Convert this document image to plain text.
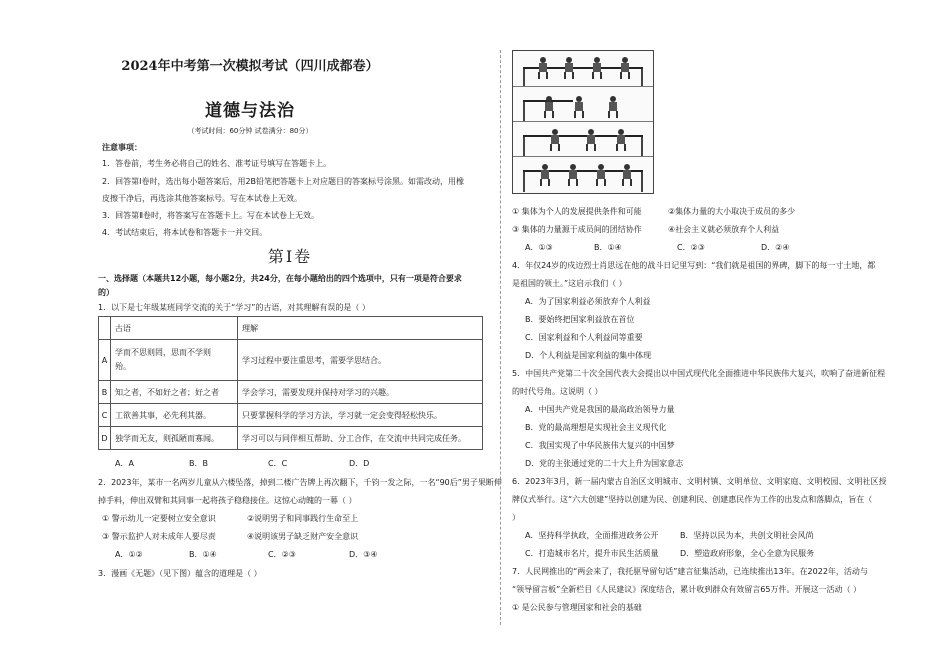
2024年中考第一次模拟考试（四川成都卷）
道德与法治
（考试时间：60分钟 试卷满分：80分）
注意事项：
1．答卷前，考生务必将自己的姓名、准考证号填写在答题卡上。
2．回答第Ⅰ卷时，选出每小题答案后，用2B铅笔把答题卡上对应题目的答案标号涂黑。如需改动，用橡
皮擦干净后，再选涂其他答案标号。写在本试卷上无效。
3．回答第Ⅱ卷时，将答案写在答题卡上。写在本试卷上无效。
4．考试结束后，将本试卷和答题卡一并交回。
第Ⅰ卷
一、选择题（本题共12小题，每小题2分，共24分，在每小题给出的四个选项中，只有一项是符合要求
的）
1．以下是七年级某班同学交流的关于“学习”的古语，对其理解有误的是（ ）
	古语	理解
A	学而不思则罔，思而不学则
殆。	学习过程中要注重思考，需要学思结合。
B	知之者，不如好之者；好之者	学会学习，需要发现并保持对学习的兴趣。
C	工欲善其事，必先利其器。	只要掌握科学的学习方法，学习就一定会变得轻松快乐。
D	独学而无友，则孤陋而寡闻。	学习可以与同伴相互帮助、分工合作，在交流中共同完成任务。
A．A	B．B	C．C	D．D
2．2023年，某市一名两岁儿童从六楼坠落，掉到二楼广告牌上再次翻下，千钧一发之际，一名“90后”男子果断伸
掉手料，伸出双臂和其同事一起将孩子稳稳接住。这惊心动魄的一幕（ ）
① 警示幼儿一定要树立安全意识	②说明男子和同事践行生命至上
③ 警示监护人对未成年人要尽责	④说明该男子缺乏财产安全意识
A．①②	B．①④	C．②③	D．③④
3．漫画《无题》（见下图）蕴含的道理是（ ）
① 集体为个人的发展提供条件和可能	②集体力量的大小取决于成员的多少
③ 集体的力量源于成员间的团结协作	④社会主义就必须放弃个人利益
A．①③	B．①④	C．②③	D．②④
4．年仅24岁的戍边烈士肖思远在他的战斗日记里写到：“我们就是祖国的界碑，脚下的每一寸土地，都
是祖国的领土。”这启示我们（ ）
A．为了国家利益必须放弃个人利益
B．要始终把国家利益放在首位
C．国家利益和个人利益同等重要
D．个人利益是国家利益的集中体现
5．中国共产党第二十次全国代表大会提出以中国式现代化全面推进中华民族伟大复兴，吹响了奋进新征程
的时代号角。这说明（ ）
A．中国共产党是我国的最高政治领导力量
B．党的最高理想是实现社会主义现代化
C．我国实现了中华民族伟大复兴的中国梦
D．党的主张通过党的二十大上升为国家意志
6．2023年3月，新一届内蒙古自治区文明城市、文明村镇、文明单位、文明家庭、文明校园、文明社区授
牌仪式举行。这“六大创建”坚持以创建为民、创建利民、创建惠民作为工作的出发点和落脚点，旨在（
）
A．坚持科学执政，全面推进政务公开	B．坚持以民为本，共创文明社会风尚
C．打造城市名片，提升市民生活质量	D．塑造政府形象，全心全意为民服务
7．人民网推出的“两会来了，我托驱导留句话”建言征集活动，已连续推出13年。在2022年，活动与
“领导留言板”全新栏目《人民建议》深度结合，累计收到群众有效留言65万件。开展这一活动（ ）
① 是公民参与管理国家和社会的基础
